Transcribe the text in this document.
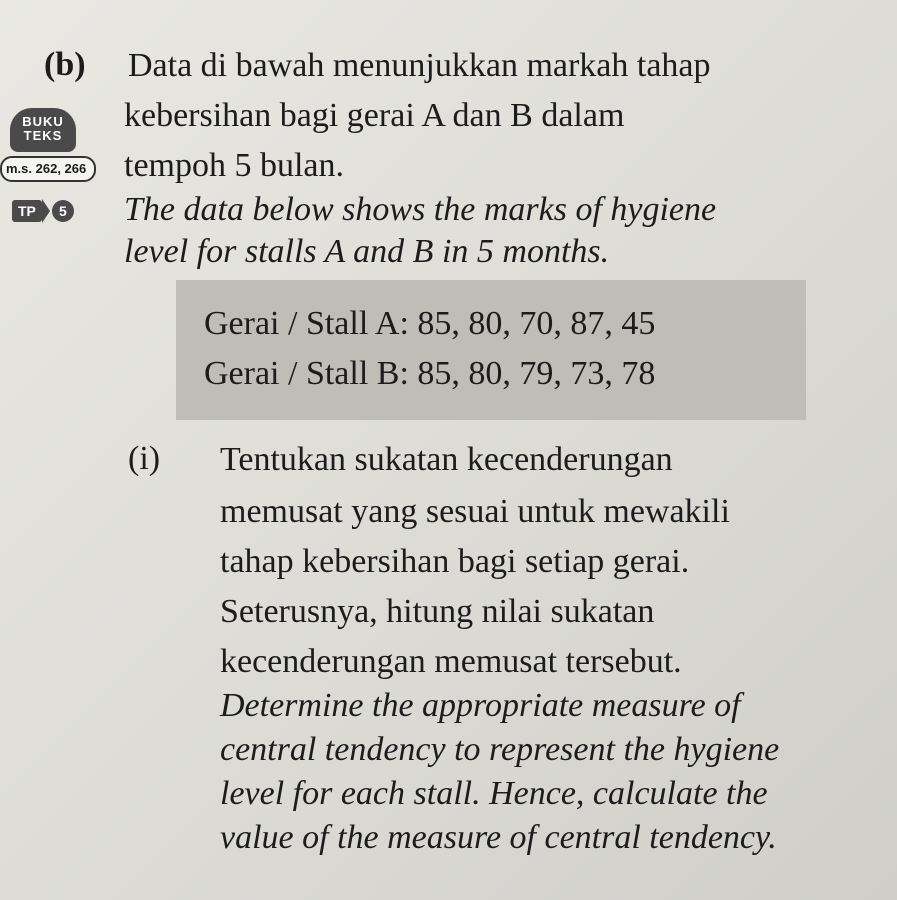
(b)
BUKU
TEKS
m.s. 262, 266
TP	5
Data di bawah menunjukkan markah tahap
kebersihan bagi gerai A dan B dalam
tempoh 5 bulan.
The data below shows the marks of hygiene
level for stalls A and B in 5 months.
Gerai / Stall A: 85, 80, 70, 87, 45
Gerai / Stall B: 85, 80, 79, 73, 78
(i) Tentukan sukatan kecenderungan
memusat yang sesuai untuk mewakili
tahap kebersihan bagi setiap gerai.
Seterusnya, hitung nilai sukatan
kecenderungan memusat tersebut.
Determine the appropriate measure of
central tendency to represent the hygiene
level for each stall. Hence, calculate the
value of the measure of central tendency.
